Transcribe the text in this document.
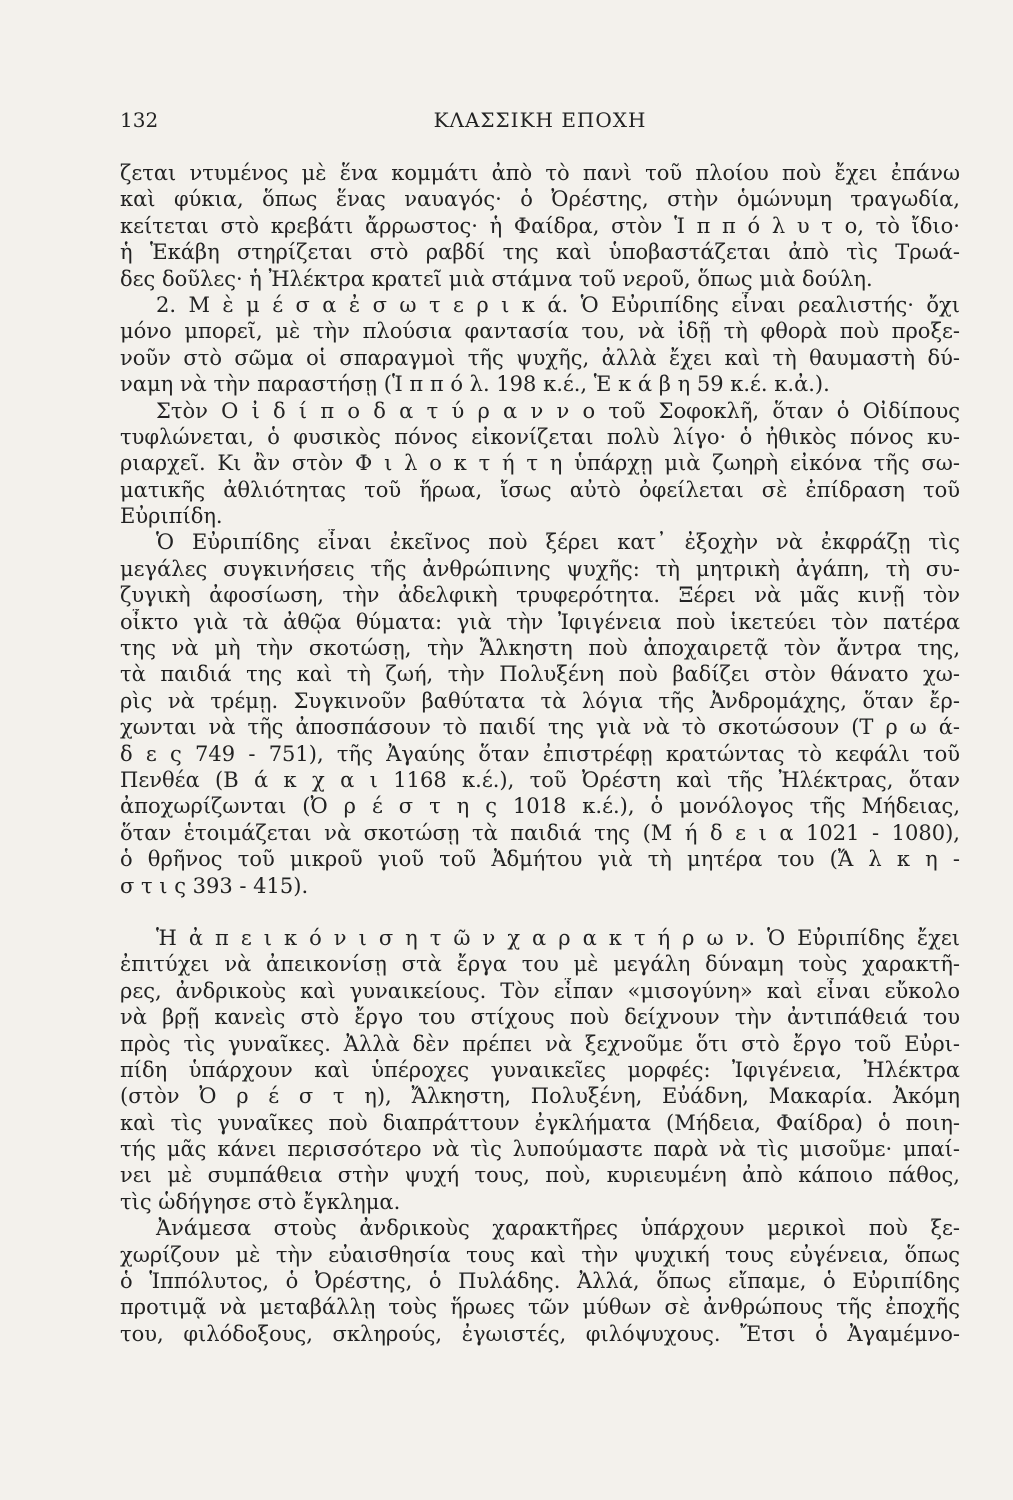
132	ΚΛΑΣΣΙΚΗ ΕΠΟΧΗ
ζεται ντυμένος μὲ ἕνα κομμάτι ἀπὸ τὸ πανὶ τοῦ πλοίου ποὺ ἔχει ἐπάνω
καὶ φύκια, ὅπως ἕνας ναυαγός· ὁ Ὀρέστης, στὴν ὁμώνυμη τραγωδία,
κείτεται στὸ κρεβάτι ἄρρωστος· ἡ Φαίδρα, στὸν Ἱ π π ό λ υ τ ο, τὸ ἴδιο·
ἡ Ἑκάβη στηρίζεται στὸ ραβδί της καὶ ὑποβαστάζεται ἀπὸ τὶς Τρωά-
δες δοῦλες· ἡ Ἠλέκτρα κρατεῖ μιὰ στάμνα τοῦ νεροῦ, ὅπως μιὰ δούλη.
2. Μ ὲ μ έ σ α ἐ σ ω τ ε ρ ι κ ά. Ὁ Εὐριπίδης εἶναι ρεαλιστής· ὄχι
μόνο μπορεῖ, μὲ τὴν πλούσια φαντασία του, νὰ ἰδῇ τὴ φθορὰ ποὺ προξε-
νοῦν στὸ σῶμα οἱ σπαραγμοὶ τῆς ψυχῆς, ἀλλὰ ἔχει καὶ τὴ θαυμαστὴ δύ-
ναμη νὰ τὴν παραστήσῃ (Ἱ π π ό λ. 198 κ.έ., Ἑ κ ά β η 59 κ.έ. κ.ἀ.).
Στὸν Ο ἰ δ ί π ο δ α τ ύ ρ α ν ν ο τοῦ Σοφοκλῆ, ὅταν ὁ Οἰδίπους
τυφλώνεται, ὁ φυσικὸς πόνος εἰκονίζεται πολὺ λίγο· ὁ ἠθικὸς πόνος κυ-
ριαρχεῖ. Κι ἂν στὸν Φ ι λ ο κ τ ή τ η ὑπάρχῃ μιὰ ζωηρὴ εἰκόνα τῆς σω-
ματικῆς ἀθλιότητας τοῦ ἥρωα, ἴσως αὐτὸ ὀφείλεται σὲ ἐπίδραση τοῦ
Εὐριπίδη.
Ὁ Εὐριπίδης εἶναι ἐκεῖνος ποὺ ξέρει κατ᾿ ἐξοχὴν νὰ ἐκφράζῃ τὶς
μεγάλες συγκινήσεις τῆς ἀνθρώπινης ψυχῆς: τὴ μητρικὴ ἀγάπη, τὴ συ-
ζυγικὴ ἀφοσίωση, τὴν ἀδελφικὴ τρυφερότητα. Ξέρει νὰ μᾶς κινῇ τὸν
οἶκτο γιὰ τὰ ἀθῷα θύματα: γιὰ τὴν Ἰφιγένεια ποὺ ἱκετεύει τὸν πατέρα
της νὰ μὴ τὴν σκοτώσῃ, τὴν Ἄλκηστη ποὺ ἀποχαιρετᾷ τὸν ἄντρα της,
τὰ παιδιά της καὶ τὴ ζωή, τὴν Πολυξένη ποὺ βαδίζει στὸν θάνατο χω-
ρὶς νὰ τρέμῃ. Συγκινοῦν βαθύτατα τὰ λόγια τῆς Ἀνδρομάχης, ὅταν ἔρ-
χωνται νὰ τῆς ἀποσπάσουν τὸ παιδί της γιὰ νὰ τὸ σκοτώσουν (Τ ρ ω ά-
δ ε ς 749 - 751), τῆς Ἀγαύης ὅταν ἐπιστρέφῃ κρατώντας τὸ κεφάλι τοῦ
Πενθέα (Β ά κ χ α ι 1168 κ.έ.), τοῦ Ὀρέστη καὶ τῆς Ἠλέκτρας, ὅταν
ἀποχωρίζωνται (Ὀ ρ έ σ τ η ς 1018 κ.έ.), ὁ μονόλογος τῆς Μήδειας,
ὅταν ἑτοιμάζεται νὰ σκοτώσῃ τὰ παιδιά της (Μ ή δ ε ι α 1021 - 1080),
ὁ θρῆνος τοῦ μικροῦ γιοῦ τοῦ Ἀδμήτου γιὰ τὴ μητέρα του (Ἄ λ κ η -
σ τ ι ς 393 - 415).
Ἡ ἀ π ε ι κ ό ν ι σ η τ ῶ ν χ α ρ α κ τ ή ρ ω ν. Ὁ Εὐριπίδης ἔχει
ἐπιτύχει νὰ ἀπεικονίσῃ στὰ ἔργα του μὲ μεγάλη δύναμη τοὺς χαρακτῆ-
ρες, ἀνδρικοὺς καὶ γυναικείους. Τὸν εἶπαν «μισογύνη» καὶ εἶναι εὔκολο
νὰ βρῇ κανεὶς στὸ ἔργο του στίχους ποὺ δείχνουν τὴν ἀντιπάθειά του
πρὸς τὶς γυναῖκες. Ἀλλὰ δὲν πρέπει νὰ ξεχνοῦμε ὅτι στὸ ἔργο τοῦ Εὐρι-
πίδη ὑπάρχουν καὶ ὑπέροχες γυναικεῖες μορφές: Ἰφιγένεια, Ἠλέκτρα
(στὸν Ὀ ρ έ σ τ η), Ἄλκηστη, Πολυξένη, Εὐάδνη, Μακαρία. Ἀκόμη
καὶ τὶς γυναῖκες ποὺ διαπράττουν ἐγκλήματα (Μήδεια, Φαίδρα) ὁ ποιη-
τής μᾶς κάνει περισσότερο νὰ τὶς λυπούμαστε παρὰ νὰ τὶς μισοῦμε· μπαί-
νει μὲ συμπάθεια στὴν ψυχή τους, ποὺ, κυριευμένη ἀπὸ κάποιο πάθος,
τὶς ὡδήγησε στὸ ἔγκλημα.
Ἀνάμεσα στοὺς ἀνδρικοὺς χαρακτῆρες ὑπάρχουν μερικοὶ ποὺ ξε-
χωρίζουν μὲ τὴν εὐαισθησία τους καὶ τὴν ψυχική τους εὐγένεια, ὅπως
ὁ Ἱππόλυτος, ὁ Ὀρέστης, ὁ Πυλάδης. Ἀλλά, ὅπως εἴπαμε, ὁ Εὐριπίδης
προτιμᾷ νὰ μεταβάλλῃ τοὺς ἥρωες τῶν μύθων σὲ ἀνθρώπους τῆς ἐποχῆς
του, φιλόδοξους, σκληρούς, ἐγωιστές, φιλόψυχους. Ἔτσι ὁ Ἀγαμέμνο-
